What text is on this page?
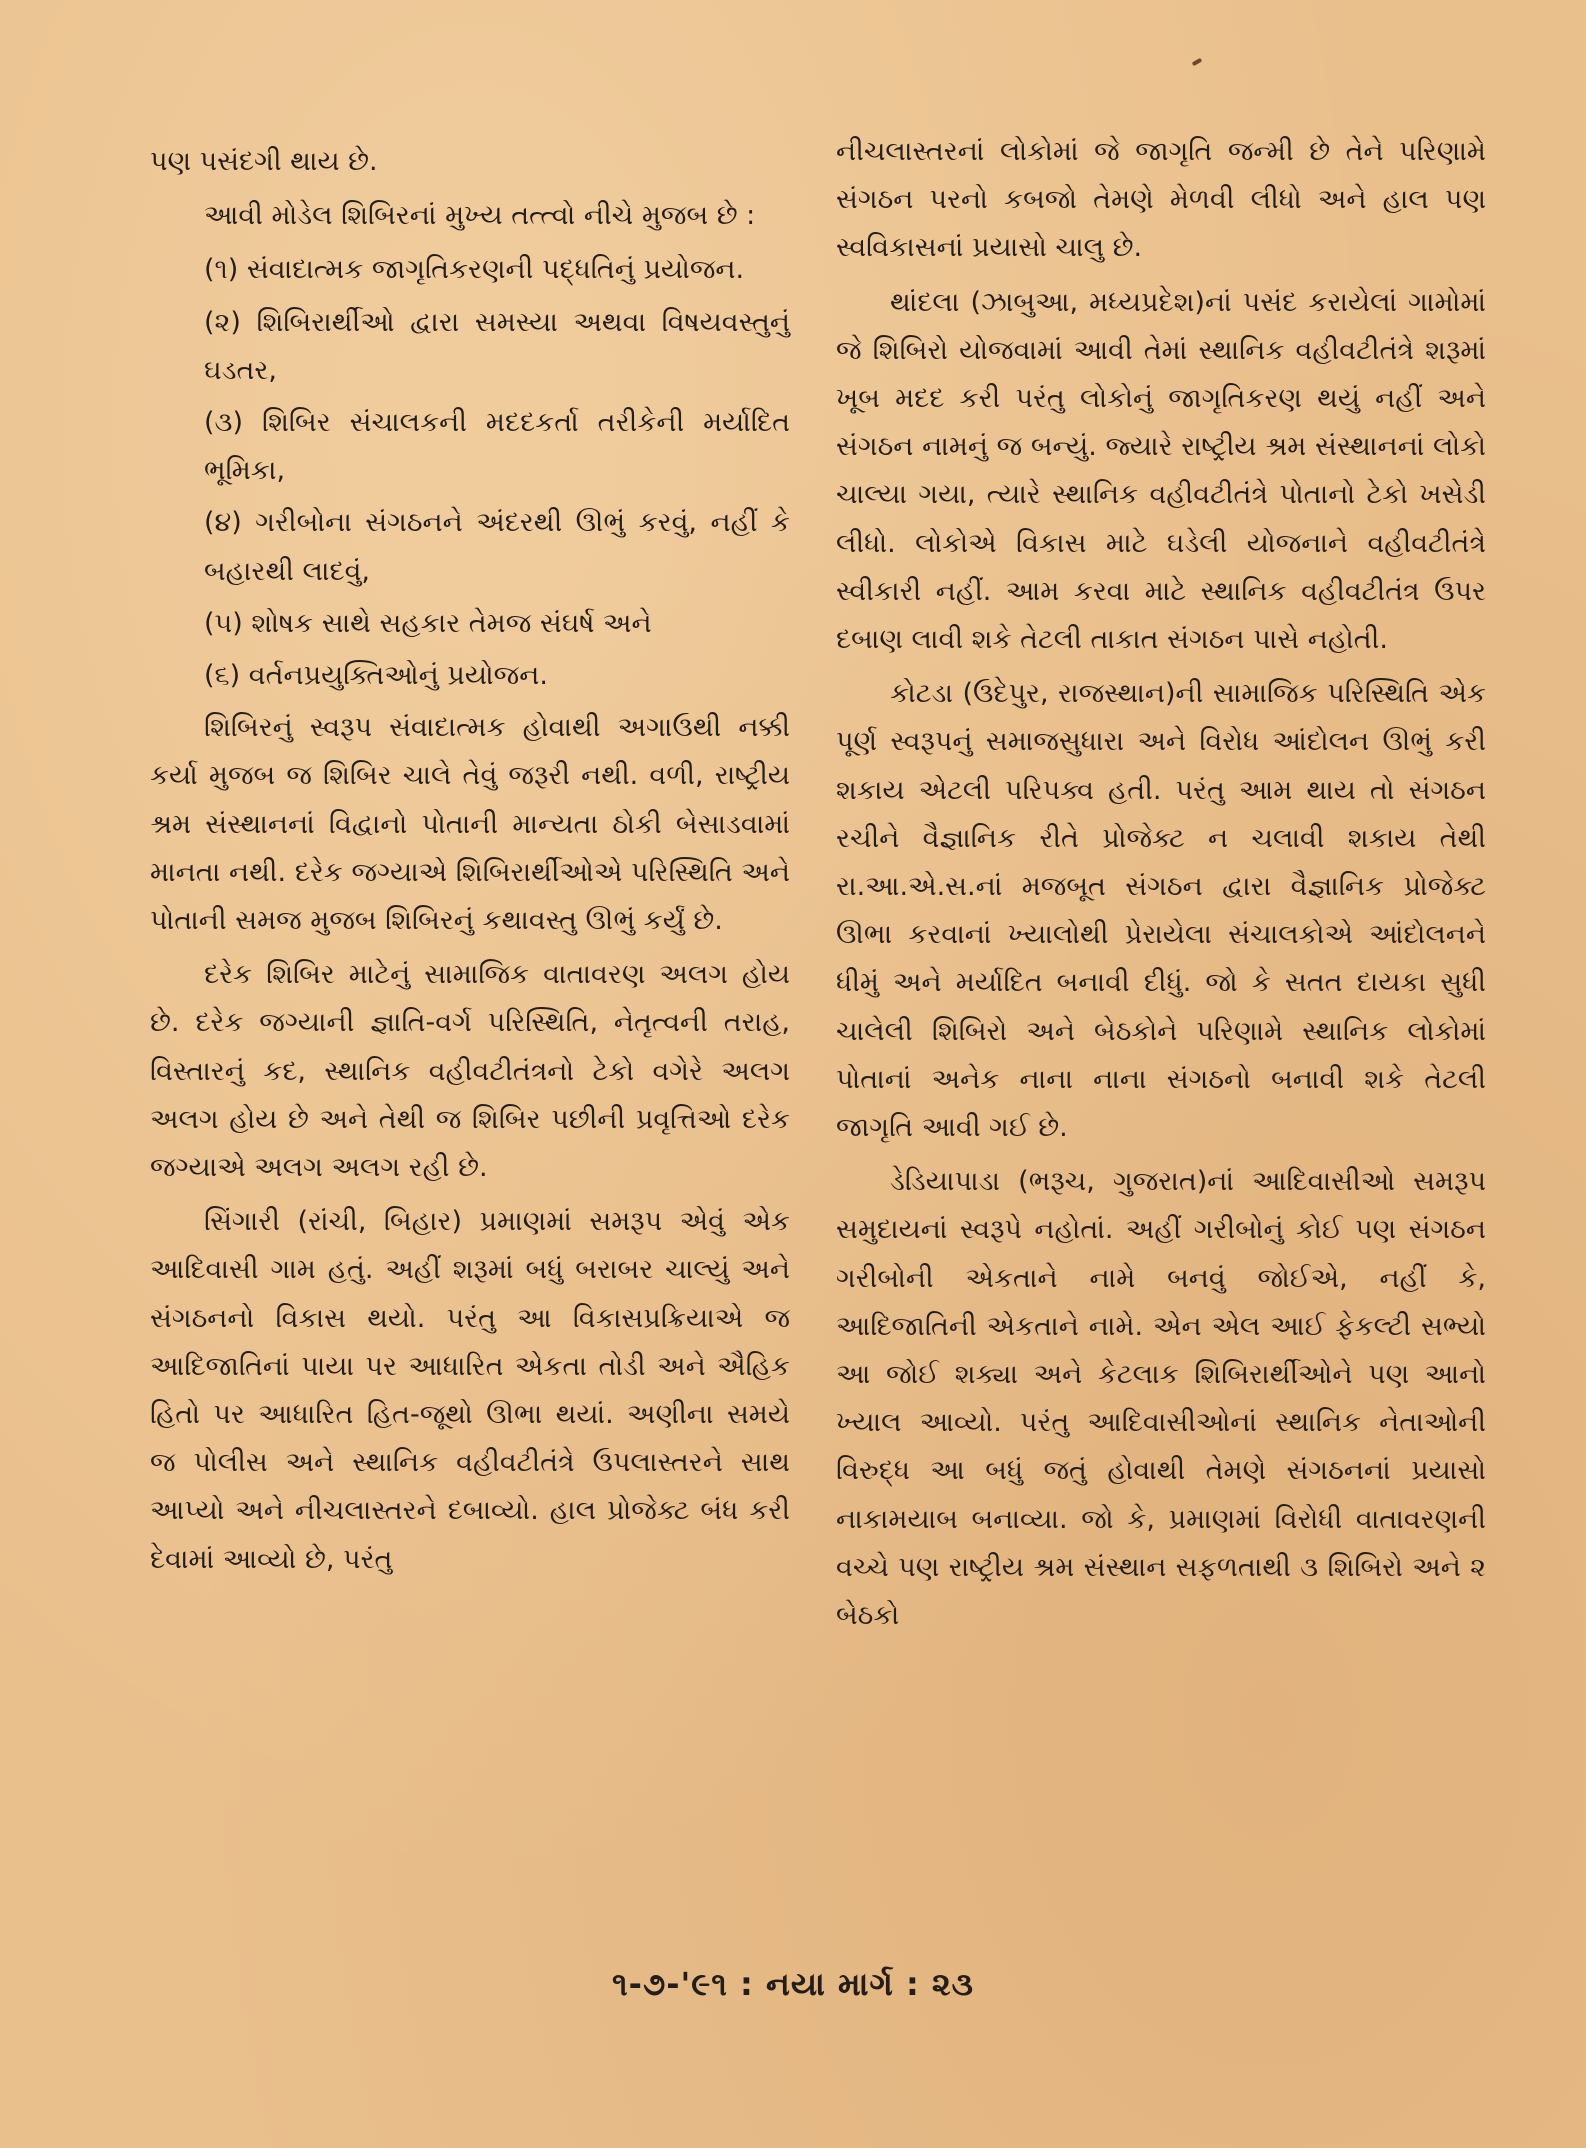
પણ પસંદગી થાય છે.

આવી મોડેલ શિબિરનાં મુખ્ય તત્ત્વો નીચે મુજબ છે :

(૧) સંવાદાત્મક જાગૃતિકરણની પદ્ધતિનું પ્રયોજન.

(૨) શિબિરાર્થીઓ દ્વારા સમસ્યા અથવા વિષયવસ્તુનું ઘડતર,

(૩) શિબિર સંચાલકની મદદકર્તા તરીકેની મર્યાદિત ભૂમિકા,

(૪) ગરીબોના સંગઠનને અંદરથી ઊભું કરવું, નહીં કે બહારથી લાદવું,

(૫) શોષક સાથે સહકાર તેમજ સંઘર્ષ અને

(૬) વર્તનપ્રયુક્તિઓનું પ્રયોજન.

શિબિરનું સ્વરૂપ સંવાદાત્મક હોવાથી અગાઉથી નક્કી કર્યા મુજબ જ શિબિર ચાલે તેવું જરૂરી નથી. વળી, રાષ્ટ્રીય શ્રમ સંસ્થાનનાં વિદ્વાનો પોતાની માન્યતા ઠોકી બેસાડવામાં માનતા નથી. દરેક જગ્યાએ શિબિરાર્થીઓએ પરિસ્થિતિ અને પોતાની સમજ મુજબ શિબિરનું કથાવસ્તુ ઊભું કર્યું છે.

દરેક શિબિર માટેનું સામાજિક વાતાવરણ અલગ હોય છે. દરેક જગ્યાની જ્ઞાતિ-વર્ગ પરિસ્થિતિ, નેતૃત્વની તરાહ, વિસ્તારનું કદ, સ્થાનિક વહીવટીતંત્રનો ટેકો વગેરે અલગ અલગ હોય છે અને તેથી જ શિબિર પછીની પ્રવૃત્તિઓ દરેક જગ્યાએ અલગ અલગ રહી છે.

સિંગારી (રાંચી, બિહાર) પ્રમાણમાં સમરૂપ એવું એક આદિવાસી ગામ હતું. અહીં શરૂમાં બધું બરાબર ચાલ્યું અને સંગઠનનો વિકાસ થયો. પરંતુ આ વિકાસપ્રક્રિયાએ જ આદિજાતિનાં પાયા પર આધારિત એકતા તોડી અને ઐહિક હિતો પર આધારિત હિત-જૂથો ઊભા થયાં. અણીના સમયે જ પોલીસ અને સ્થાનિક વહીવટીતંત્રે ઉપલાસ્તરને સાથ આપ્યો અને નીચલાસ્તરને દબાવ્યો. હાલ પ્રોજેક્ટ બંધ કરી દેવામાં આવ્યો છે, પરંતુ

નીચલાસ્તરનાં લોકોમાં જે જાગૃતિ જન્મી છે તેને પરિણામે સંગઠન પરનો કબજો તેમણે મેળવી લીધો અને હાલ પણ સ્વવિકાસનાં પ્રયાસો ચાલુ છે.

થાંદલા (ઝાબુઆ, મધ્યપ્રદેશ)નાં પસંદ કરાયેલાં ગામોમાં જે શિબિરો યોજવામાં આવી તેમાં સ્થાનિક વહીવટીતંત્રે શરૂમાં ખૂબ મદદ કરી પરંતુ લોકોનું જાગૃતિકરણ થયું નહીં અને સંગઠન નામનું જ બન્યું. જ્યારે રાષ્ટ્રીય શ્રમ સંસ્થાનનાં લોકો ચાલ્યા ગયા, ત્યારે સ્થાનિક વહીવટીતંત્રે પોતાનો ટેકો ખસેડી લીધો. લોકોએ વિકાસ માટે ઘડેલી યોજનાને વહીવટીતંત્રે સ્વીકારી નહીં. આમ કરવા માટે સ્થાનિક વહીવટીતંત્ર ઉપર દબાણ લાવી શકે તેટલી તાકાત સંગઠન પાસે નહોતી.

કોટડા (ઉદેપુર, રાજસ્થાન)ની સામાજિક પરિસ્થિતિ એક પૂર્ણ સ્વરૂપનું સમાજસુધારા અને વિરોધ આંદોલન ઊભું કરી શકાય એટલી પરિપક્વ હતી. પરંતુ આમ થાય તો સંગઠન રચીને વૈજ્ઞાનિક રીતે પ્રોજેક્ટ ન ચલાવી શકાય તેથી રા.આ.એ.સ.નાં મજબૂત સંગઠન દ્વારા વૈજ્ઞાનિક પ્રોજેક્ટ ઊભા કરવાનાં ખ્યાલોથી પ્રેરાયેલા સંચાલકોએ આંદોલનને ધીમું અને મર્યાદિત બનાવી દીધું. જો કે સતત દાયકા સુધી ચાલેલી શિબિરો અને બેઠકોને પરિણામે સ્થાનિક લોકોમાં પોતાનાં અનેક નાના નાના સંગઠનો બનાવી શકે તેટલી જાગૃતિ આવી ગઈ છે.

ડેડિયાપાડા (ભરૂચ, ગુજરાત)નાં આદિવાસીઓ સમરૂપ સમુદાયનાં સ્વરૂપે નહોતાં. અહીં ગરીબોનું કોઈ પણ સંગઠન ગરીબોની એકતાને નામે બનવું જોઈએ, નહીં કે, આદિજાતિની એકતાને નામે. એન એલ આઈ ફેકલ્ટી સભ્યો આ જોઈ શક્યા અને કેટલાક શિબિરાર્થીઓને પણ આનો ખ્યાલ આવ્યો. પરંતુ આદિવાસીઓનાં સ્થાનિક નેતાઓની વિરુદ્ધ આ બધું જતું હોવાથી તેમણે સંગઠનનાં પ્રયાસો નાકામયાબ બનાવ્યા. જો કે, પ્રમાણમાં વિરોધી વાતાવરણની વચ્ચે પણ રાષ્ટ્રીય શ્રમ સંસ્થાન સફળતાથી ૩ શિબિરો અને ૨ બેઠકો

૧-૭-'૯૧ : નયા માર્ગ : ૨૩
